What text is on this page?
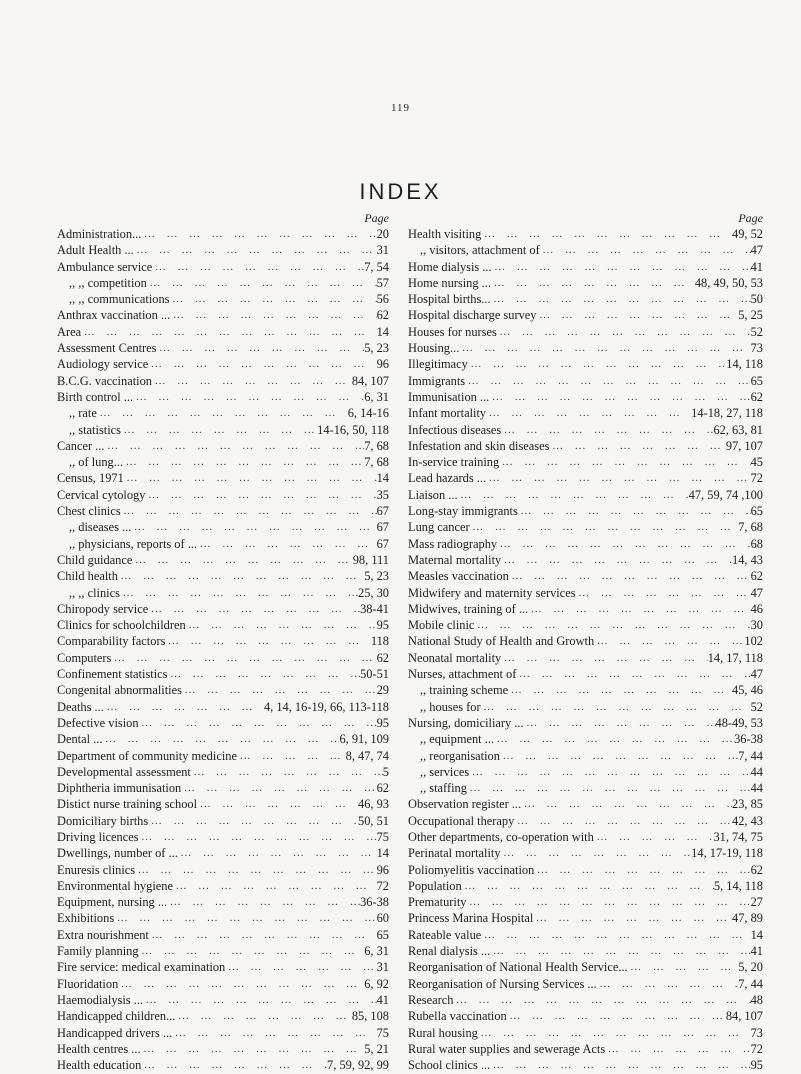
119
INDEX
Page
Administration... ...	20
Adult Health ... ...	31
Ambulance service ...	7, 54
,, ,, competition ...	57
,, ,, communications ...	56
Anthrax vaccination ... ...	62
Area ...	14
Assessment Centres ...	5, 23
Audiology service ...	96
B.C.G. vaccination ...	84, 107
Birth control ... ...	6, 31
,, rate ...	6, 14-16
,, statistics ...	14-16, 50, 118
Cancer ... ...	7, 68
,, of lung... ...	7, 68
Census, 1971 ...	14
Cervical cytology ...	35
Chest clinics ...	67
,, diseases ... ...	67
,, physicians, reports of ... ...	67
Child guidance ...	98, 111
Child health ...	5, 23
,, ,, clinics ...	25, 30
Chiropody service ...	38-41
Clinics for schoolchildren ...	95
Comparability factors ...	118
Computers ...	62
Confinement statistics ...	50-51
Congenital abnormalities ...	29
Deaths ... ...	4, 14, 16-19, 66, 113-118
Defective vision ...	95
Dental ... ...	6, 91, 109
Department of community medicine ...	8, 47, 74
Developmental assessment ...	5
Diphtheria immunisation ...	62
Distict nurse training school ...	46, 93
Domiciliary births ...	50, 51
Driving licences ...	75
Dwellings, number of ... ...	14
Enuresis clinics ...	96
Environmental hygiene ...	72
Equipment, nursing ... ...	36-38
Exhibitions ...	60
Extra nourishment ...	65
Family planning ...	6, 31
Fire service: medical examination ...	31
Fluoridation ...	6, 92
Haemodialysis ... ...	41
Handicapped children... ...	85, 108
Handicapped drivers ... ...	75
Health centres ... ...	5, 21
Health education ...	7, 59, 92, 99
Page
Health visiting ...	49, 52
,, visitors, attachment of ...	47
Home dialysis ... ...	41
Home nursing ... ...	48, 49, 50, 53
Hospital births... ...	50
Hospital discharge survey ...	5, 25
Houses for nurses ...	52
Housing... ...	73
Illegitimacy ...	14, 118
Immigrants ...	65
Immunisation ... ...	62
Infant mortality ...	14-18, 27, 118
Infectious diseases ...	62, 63, 81
Infestation and skin diseases ...	97, 107
In-service training ...	45
Lead hazards ... ...	72
Liaison ... ...	47, 59, 74 ,100
Long-stay immigrants ...	65
Lung cancer ...	7, 68
Mass radiography ...	68
Maternal mortality ...	14, 43
Measles vaccination ...	62
Midwifery and maternity services ...	47
Midwives, training of ... ...	46
Mobile clinic ...	30
National Study of Health and Growth ...	102
Neonatal mortality ...	14, 17, 118
Nurses, attachment of ...	47
,, training scheme ...	45, 46
,, houses for ...	52
Nursing, domiciliary ... ...	48-49, 53
,, equipment ... ...	36-38
,, reorganisation ...	7, 44
,, services ...	44
,, staffing ...	44
Observation register ... ...	23, 85
Occupational therapy ...	42, 43
Other departments, co-operation with ...	31, 74, 75
Perinatal mortality ...	14, 17-19, 118
Poliomyelitis vaccination ...	62
Population ...	5, 14, 118
Prematurity ...	27
Princess Marina Hospital ...	47, 89
Rateable value ...	14
Renal dialysis ... ...	41
Reorganisation of National Health Service... ...	5, 20
Reorganisation of Nursing Services ... ...	7, 44
Research ...	48
Rubella vaccination ...	84, 107
Rural housing ...	73
Rural water supplies and sewerage Acts ...	72
School clinics ... ...	95
